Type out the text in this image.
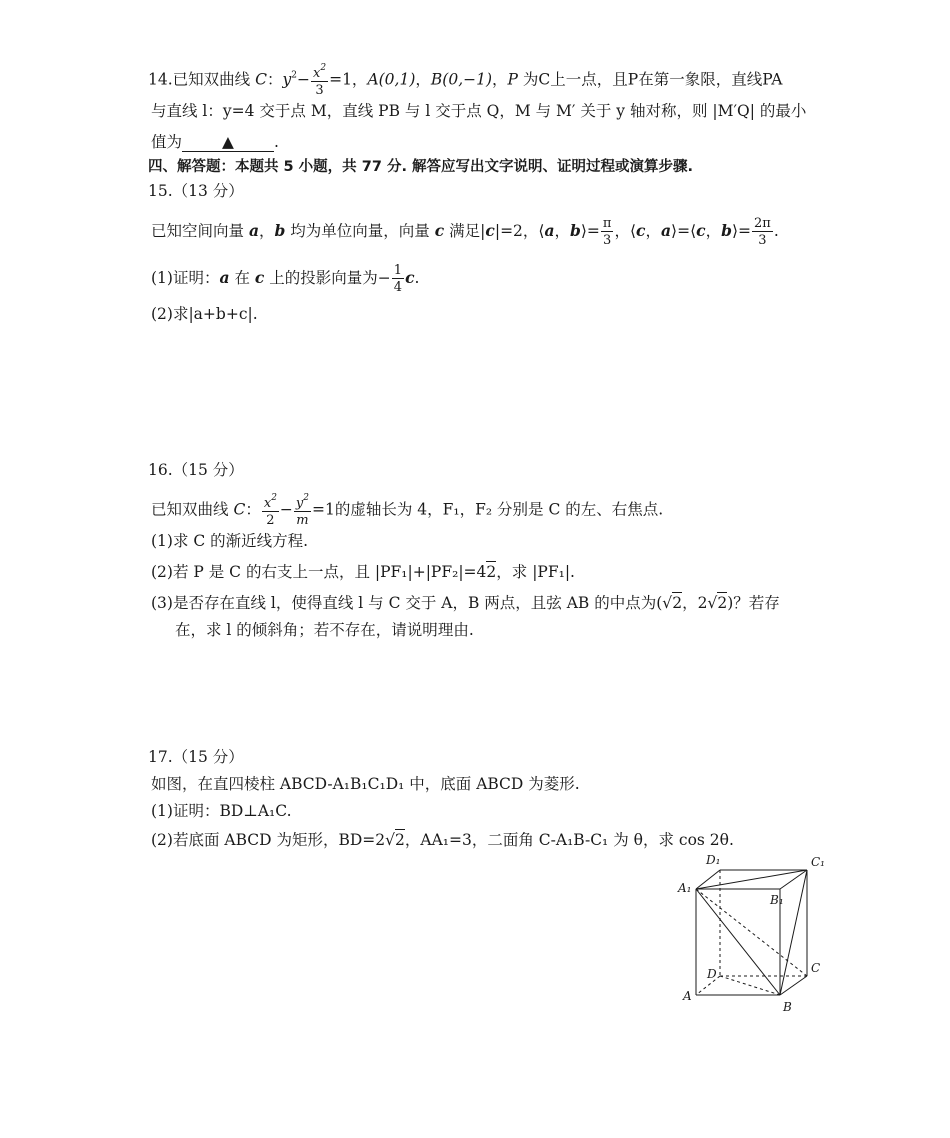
14.已知双曲线 C：$y^2- \frac{x^2}{3} =1$，A(0,1)，B(0,−1)，P 为C上一点，且P在第一象限，直线PA
与直线 l：y=4 交于点 M，直线 PB 与 l 交于点 Q，M 与 M′ 关于 y 轴对称，则 |M′Q| 的最小
值为	▲	.
四、解答题：本题共 5 小题，共 77 分. 解答应写出文字说明、证明过程或演算步骤.
15.（13 分）
已知空间向量 a，b 均为单位向量，向量 c 满足|c|=2，⟨a，b⟩= $\frac{\pi}{3}$ ，⟨c，a⟩=⟨c，b⟩= $\frac{2\pi}{3}$ .
(1)证明：a 在 c 上的投影向量为− $\frac{1}{4} c$.
(2)求|a+b+c|.
16.（15 分）
已知双曲线 C： $\frac{x^2}{2} - \frac{y^2}{m} =1$的虚轴长为 4，F₁，F₂ 分别是 C 的左、右焦点.
(1)求 C 的渐近线方程.
(2)若 P 是 C 的右支上一点，且 |PF₁|+|PF₂|=42，求 |PF₁|.
(3)是否存在直线 l，使得直线 l 与 C 交于 A，B 两点，且弦 AB 的中点为(√2，2√2)？若存
在，求 l 的倾斜角；若不存在，请说明理由.
17.（15 分）
如图，在直四棱柱 ABCD-A₁B₁C₁D₁ 中，底面 ABCD 为菱形.
(1)证明：BD⊥A₁C.
(2)若底面 ABCD 为矩形，BD=2√2，AA₁=3，二面角 C-A₁B-C₁ 为 θ，求 cos 2θ.
D₁	C₁
A₁
B₁
D	C
A
B
